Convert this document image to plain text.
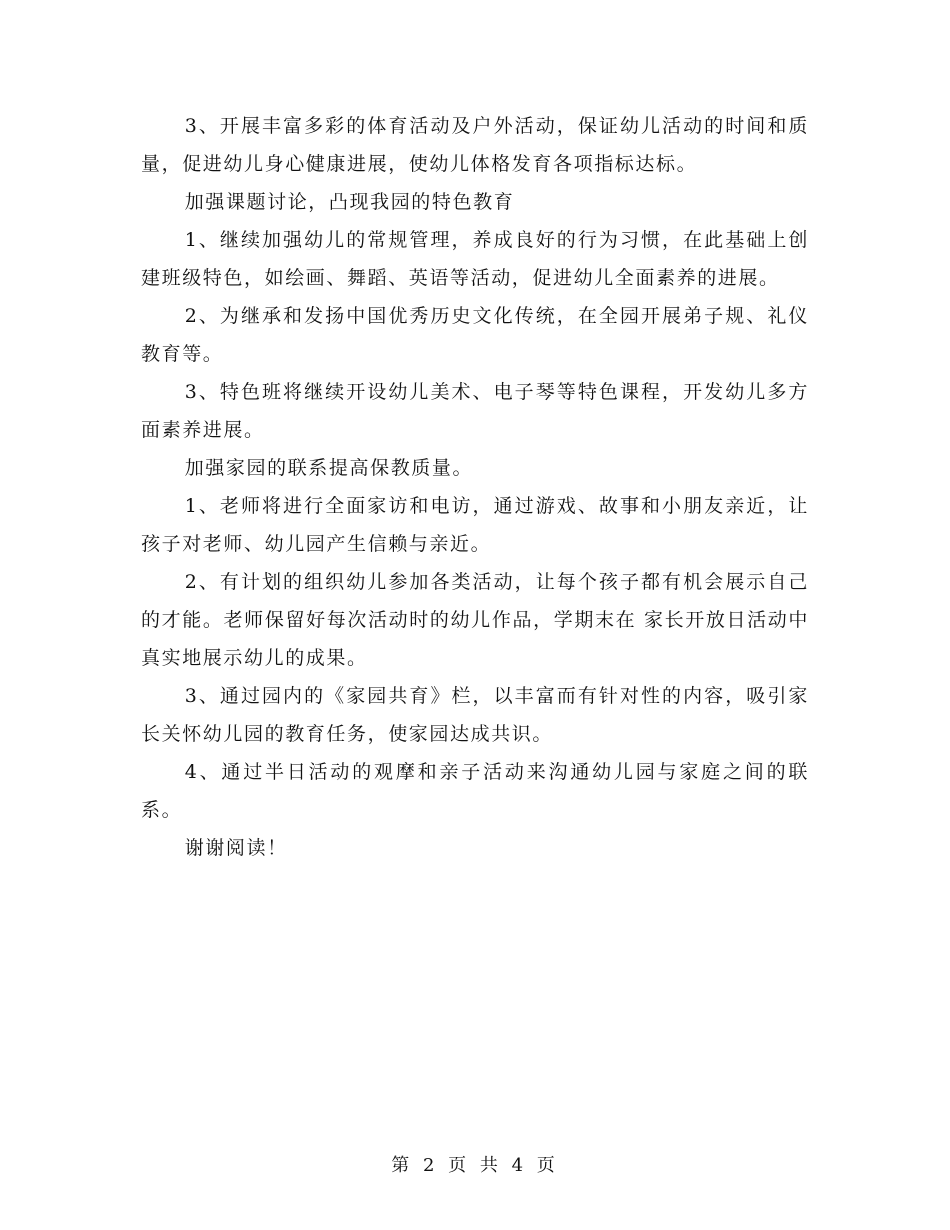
3、开展丰富多彩的体育活动及户外活动，保证幼儿活动的时间和质量，促进幼儿身心健康进展，使幼儿体格发育各项指标达标。

加强课题讨论，凸现我园的特色教育

1、继续加强幼儿的常规管理，养成良好的行为习惯，在此基础上创建班级特色，如绘画、舞蹈、英语等活动，促进幼儿全面素养的进展。

2、为继承和发扬中国优秀历史文化传统，在全园开展弟子规、礼仪教育等。

3、特色班将继续开设幼儿美术、电子琴等特色课程，开发幼儿多方面素养进展。

加强家园的联系提高保教质量。

1、老师将进行全面家访和电访，通过游戏、故事和小朋友亲近，让孩子对老师、幼儿园产生信赖与亲近。

2、有计划的组织幼儿参加各类活动，让每个孩子都有机会展示自己的才能。老师保留好每次活动时的幼儿作品，学期末在 家长开放日活动中真实地展示幼儿的成果。

3、通过园内的《家园共育》栏，以丰富而有针对性的内容，吸引家长关怀幼儿园的教育任务，使家园达成共识。

4、通过半日活动的观摩和亲子活动来沟通幼儿园与家庭之间的联系。

谢谢阅读！

第 2 页 共 4 页
